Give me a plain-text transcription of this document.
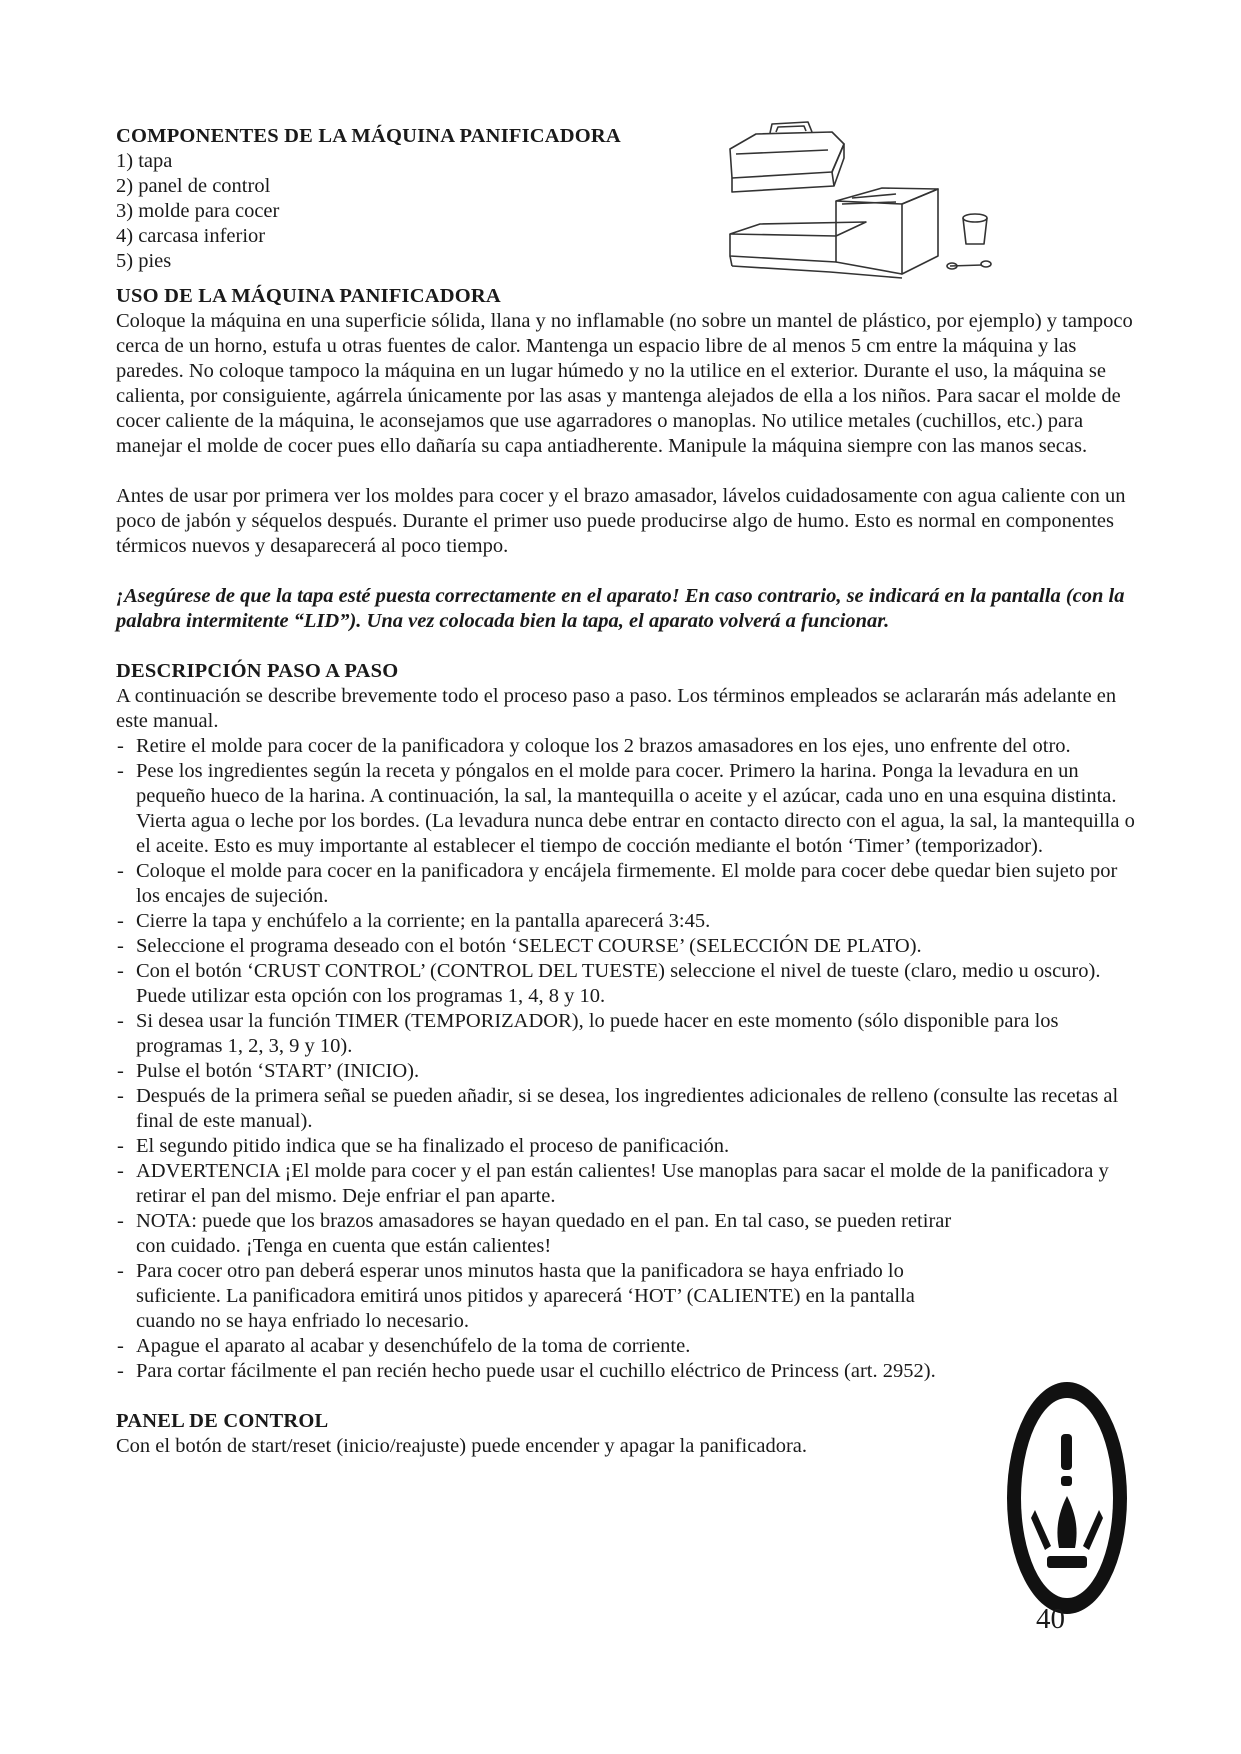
COMPONENTES DE LA MÁQUINA PANIFICADORA
1) tapa
2) panel de control
3) molde para cocer
4) carcasa inferior
5) pies
USO DE LA MÁQUINA PANIFICADORA

Coloque la máquina en una superficie sólida, llana y no inflamable (no sobre un mantel de plástico, por ejemplo) y tampoco cerca de un horno, estufa u otras fuentes de calor. Mantenga un espacio libre de al menos 5 cm entre la máquina y las paredes. No coloque tampoco la máquina en un lugar húmedo y no la utilice en el exterior. Durante el uso, la máquina se calienta, por consiguiente, agárrela únicamente por las asas y mantenga alejados de ella a los niños. Para sacar el molde de cocer caliente de la máquina, le aconsejamos que use agarradores o manoplas. No utilice metales (cuchillos, etc.) para manejar el molde de cocer pues ello dañaría su capa antiadherente. Manipule la máquina siempre con las manos secas.

Antes de usar por primera ver los moldes para cocer y el brazo amasador, lávelos cuidadosamente con agua caliente con un poco de jabón y séquelos después. Durante el primer uso puede producirse algo de humo. Esto es normal en componentes térmicos nuevos y desaparecerá al poco tiempo.

¡Asegúrese de que la tapa esté puesta correctamente en el aparato! En caso contrario, se indicará en la pantalla (con la palabra intermitente “LID”). Una vez colocada bien la tapa, el aparato volverá a funcionar.

DESCRIPCIÓN PASO A PASO

A continuación se describe brevemente todo el proceso paso a paso. Los términos empleados se aclararán más adelante en este manual.

- Retire el molde para cocer de la panificadora y coloque los 2 brazos amasadores en los ejes, uno enfrente del otro.
- Pese los ingredientes según la receta y póngalos en el molde para cocer. Primero la harina. Ponga la levadura en un pequeño hueco de la harina. A continuación, la sal, la mantequilla o aceite y el azúcar, cada uno en una esquina distinta. Vierta agua o leche por los bordes. (La levadura nunca debe entrar en contacto directo con el agua, la sal, la mantequilla o el aceite. Esto es muy importante al establecer el tiempo de cocción mediante el botón ‘Timer’ (temporizador).
- Coloque el molde para cocer en la panificadora y encájela firmemente. El molde para cocer debe quedar bien sujeto por los encajes de sujeción.
- Cierre la tapa y enchúfelo a la corriente; en la pantalla aparecerá 3:45.
- Seleccione el programa deseado con el botón ‘SELECT COURSE’ (SELECCIÓN DE PLATO).
- Con el botón ‘CRUST CONTROL’ (CONTROL DEL TUESTE) seleccione el nivel de tueste (claro, medio u oscuro). Puede utilizar esta opción con los programas 1, 4, 8 y 10.
- Si desea usar la función TIMER (TEMPORIZADOR), lo puede hacer en este momento (sólo disponible para los programas 1, 2, 3, 9 y 10).
- Pulse el botón ‘START’ (INICIO).
- Después de la primera señal se pueden añadir, si se desea, los ingredientes adicionales de relleno (consulte las recetas al final de este manual).
- El segundo pitido indica que se ha finalizado el proceso de panificación.
- ADVERTENCIA ¡El molde para cocer y el pan están calientes! Use manoplas para sacar el molde de la panificadora y retirar el pan del mismo. Deje enfriar el pan aparte.
- NOTA: puede que los brazos amasadores se hayan quedado en el pan. En tal caso, se pueden retirar con cuidado. ¡Tenga en cuenta que están calientes!
- Para cocer otro pan deberá esperar unos minutos hasta que la panificadora se haya enfriado lo suficiente. La panificadora emitirá unos pitidos y aparecerá ‘HOT’ (CALIENTE) en la pantalla cuando no se haya enfriado lo necesario.
- Apague el aparato al acabar y desenchúfelo de la toma de corriente.
- Para cortar fácilmente el pan recién hecho puede usar el cuchillo eléctrico de Princess (art. 2952).
PANEL DE CONTROL

Con el botón de start/reset (inicio/reajuste) puede encender y apagar la panificadora.

40
